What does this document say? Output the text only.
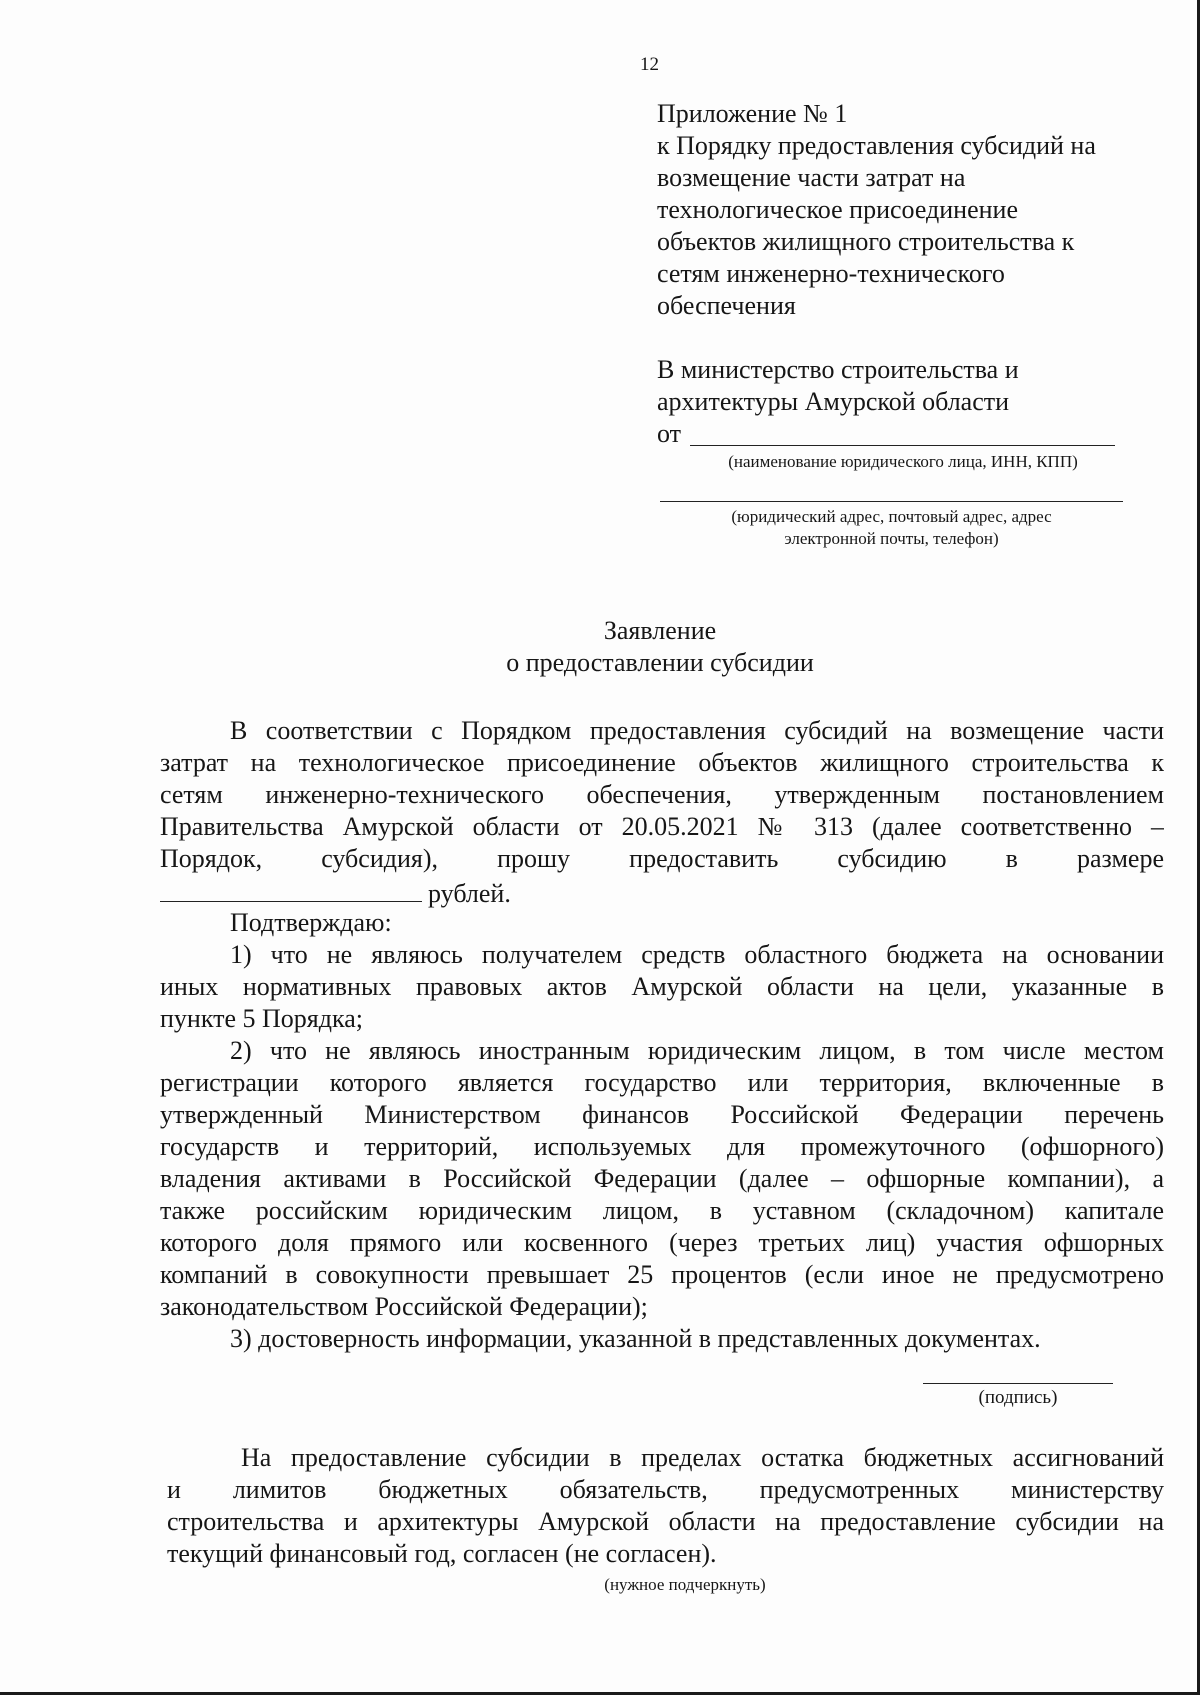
12
Приложение № 1
к Порядку предоставления субсидий на
возмещение части затрат на
технологическое присоединение
объектов жилищного строительства к
сетям инженерно-технического
обеспечения
В министерство строительства и
архитектуры Амурской области
от
(наименование юридического лица, ИНН, КПП)
(юридический адрес, почтовый адрес, адрес
электронной почты, телефон)
Заявление
о предоставлении субсидии
В соответствии с Порядком предоставления субсидий на возмещение части
затрат на технологическое присоединение объектов жилищного строительства к
сетям инженерно-технического обеспечения, утвержденным постановлением
Правительства Амурской области от 20.05.2021 № 313 (далее соответственно –
Порядок, субсидия), прошу предоставить субсидию в размере
рублей.
Подтверждаю:
1) что не являюсь получателем средств областного бюджета на основании
иных нормативных правовых актов Амурской области на цели, указанные в
пункте 5 Порядка;
2) что не являюсь иностранным юридическим лицом, в том числе местом
регистрации которого является государство или территория, включенные в
утвержденный Министерством финансов Российской Федерации перечень
государств и территорий, используемых для промежуточного (офшорного)
владения активами в Российской Федерации (далее – офшорные компании), а
также российским юридическим лицом, в уставном (складочном) капитале
которого доля прямого или косвенного (через третьих лиц) участия офшорных
компаний в совокупности превышает 25 процентов (если иное не предусмотрено
законодательством Российской Федерации);
3) достоверность информации, указанной в представленных документах.
(подпись)
На предоставление субсидии в пределах остатка бюджетных ассигнований
и лимитов бюджетных обязательств, предусмотренных министерству
строительства и архитектуры Амурской области на предоставление субсидии на
текущий финансовый год, согласен (не согласен).
(нужное подчеркнуть)
